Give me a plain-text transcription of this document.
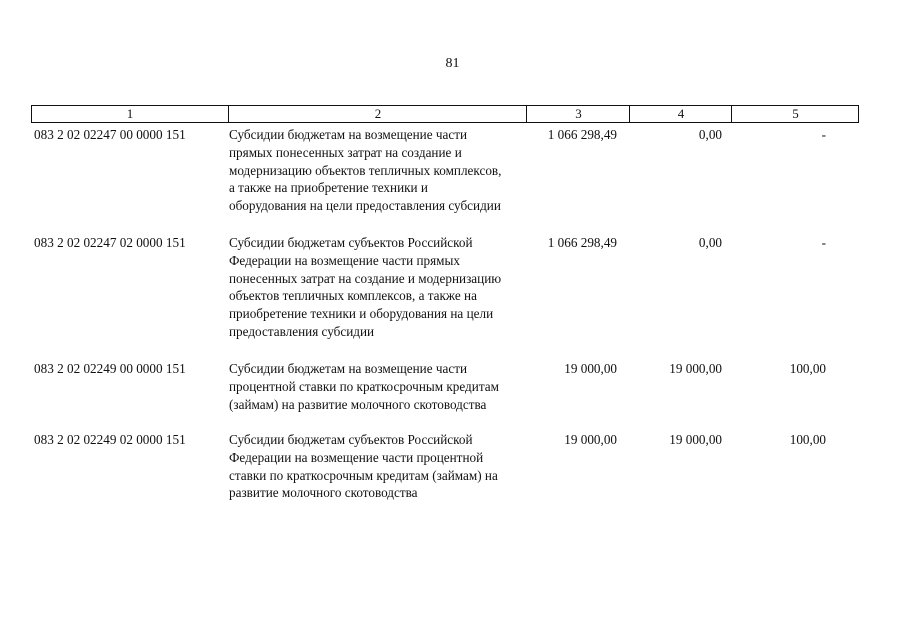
81
1	2	3	4	5
083 2 02 02247 00 0000 151	Субсидии бюджетам на возмещение части
прямых понесенных затрат на создание и
модернизацию объектов тепличных комплексов,
а также на приобретение техники и
оборудования на цели предоставления субсидии
1 066 298,49	0,00	-
083 2 02 02247 02 0000 151	Субсидии бюджетам субъектов Российской
Федерации на возмещение части прямых
понесенных затрат на создание и модернизацию
объектов тепличных комплексов, а также на
приобретение техники и оборудования на цели
предоставления субсидии
1 066 298,49	0,00	-
083 2 02 02249 00 0000 151	Субсидии бюджетам на возмещение части
процентной ставки по краткосрочным кредитам
(займам) на развитие молочного скотоводства
19 000,00	19 000,00	100,00
083 2 02 02249 02 0000 151	Субсидии бюджетам субъектов Российской
Федерации на возмещение части процентной
ставки по краткосрочным кредитам (займам) на
развитие молочного скотоводства
19 000,00	19 000,00	100,00
